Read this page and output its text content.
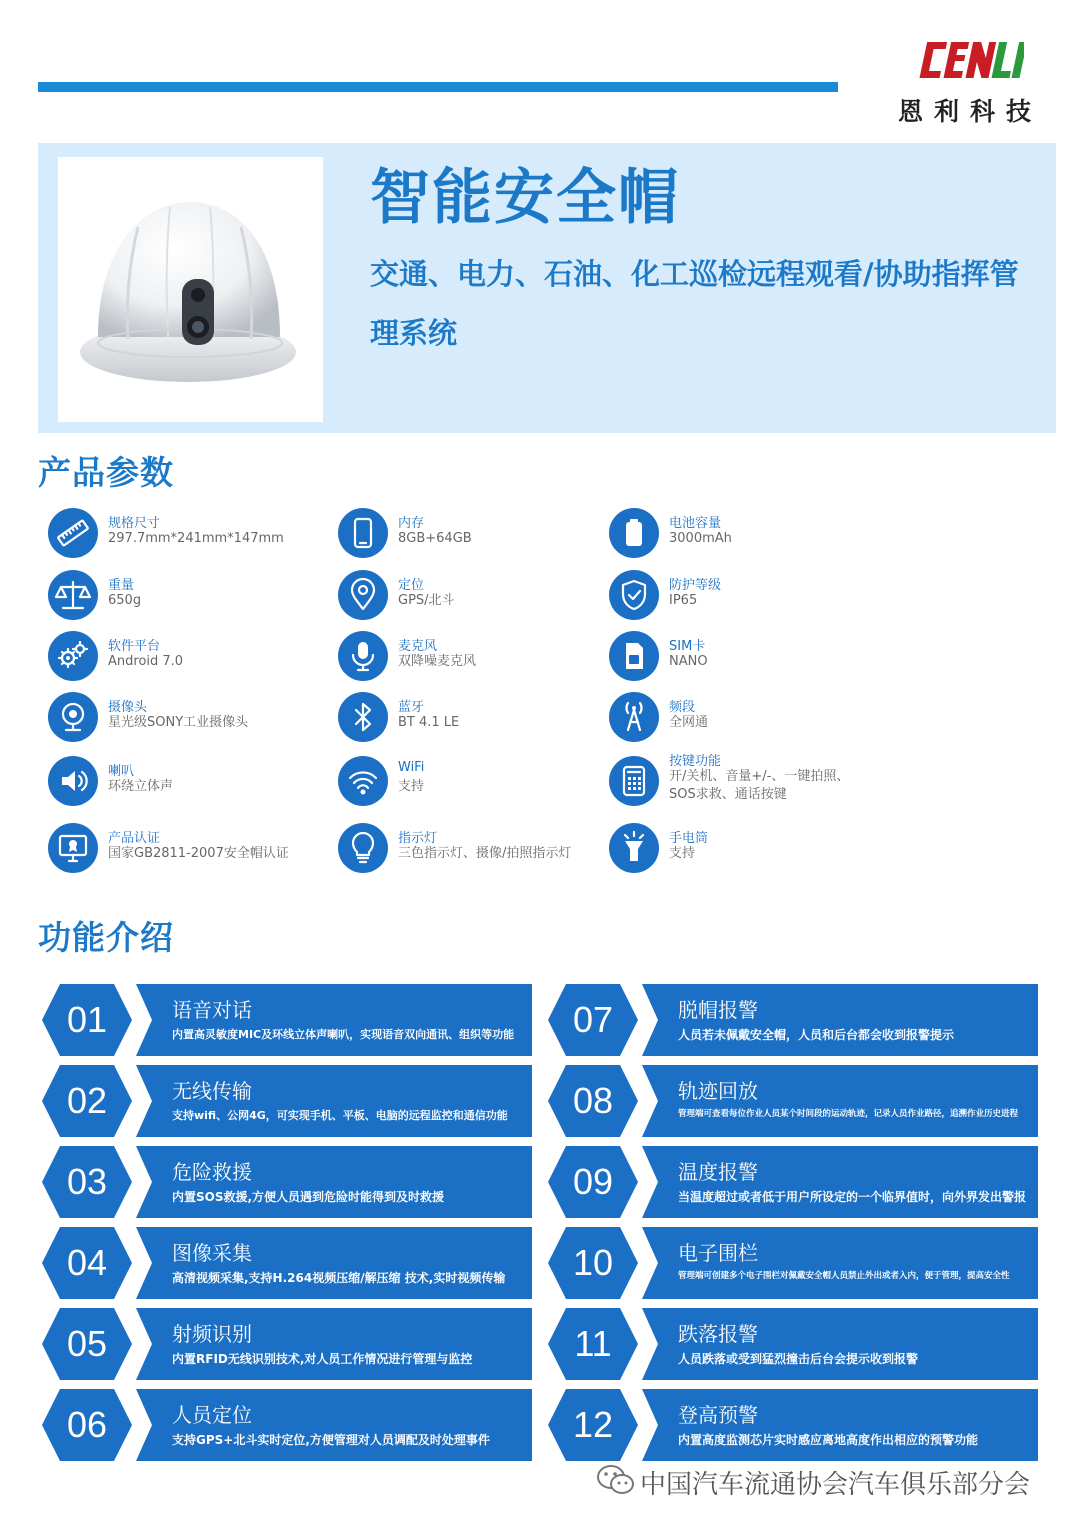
恩利科技
智能安全帽
交通、电力、石油、化工巡检远程观看/协助指挥管理系统
产品参数
规格尺寸
297.7mm*241mm*147mm
内存
8GB+64GB
电池容量
3000mAh
重量
650g
定位
GPS/北斗
防护等级
IP65
软件平台
Android 7.0
麦克风
双降噪麦克风
SIM卡
NANO
摄像头
星光级SONY工业摄像头
蓝牙
BT 4.1 LE
频段
全网通
喇叭
环绕立体声
WiFi
支持
按键功能
开/关机、音量+/-、一键拍照、
SOS求救、通话按键
产品认证
国家GB2811-2007安全帽认证
指示灯
三色指示灯、摄像/拍照指示灯
手电筒
支持
功能介绍
01	语音对话
内置高灵敏度MIC及环线立体声喇叭，实现语音双向通讯、组织等功能
02	无线传输
支持wifi、公网4G，可实现手机、平板、电脑的远程监控和通信功能
03	危险救援
内置SOS救援,方便人员遇到危险时能得到及时救援
04	图像采集
高清视频采集,支持H.264视频压缩/解压缩 技术,实时视频传输
05	射频识别
内置RFID无线识别技术,对人员工作情况进行管理与监控
06	人员定位
支持GPS+北斗实时定位,方便管理对人员调配及时处理事件
07	脱帽报警
人员若未佩戴安全帽，人员和后台都会收到报警提示
08	轨迹回放
管理端可查看每位作业人员某个时间段的运动轨迹，记录人员作业路径，追溯作业历史进程
09	温度报警
当温度超过或者低于用户所设定的一个临界值时，向外界发出警报
10	电子围栏
管理端可创建多个电子围栏对佩戴安全帽人员禁止外出或者入内，便于管理，提高安全性
11	跌落报警
人员跌落或受到猛烈撞击后台会提示收到报警
12	登高预警
内置高度监测芯片实时感应离地高度作出相应的预警功能
中国汽车流通协会汽车俱乐部分会
